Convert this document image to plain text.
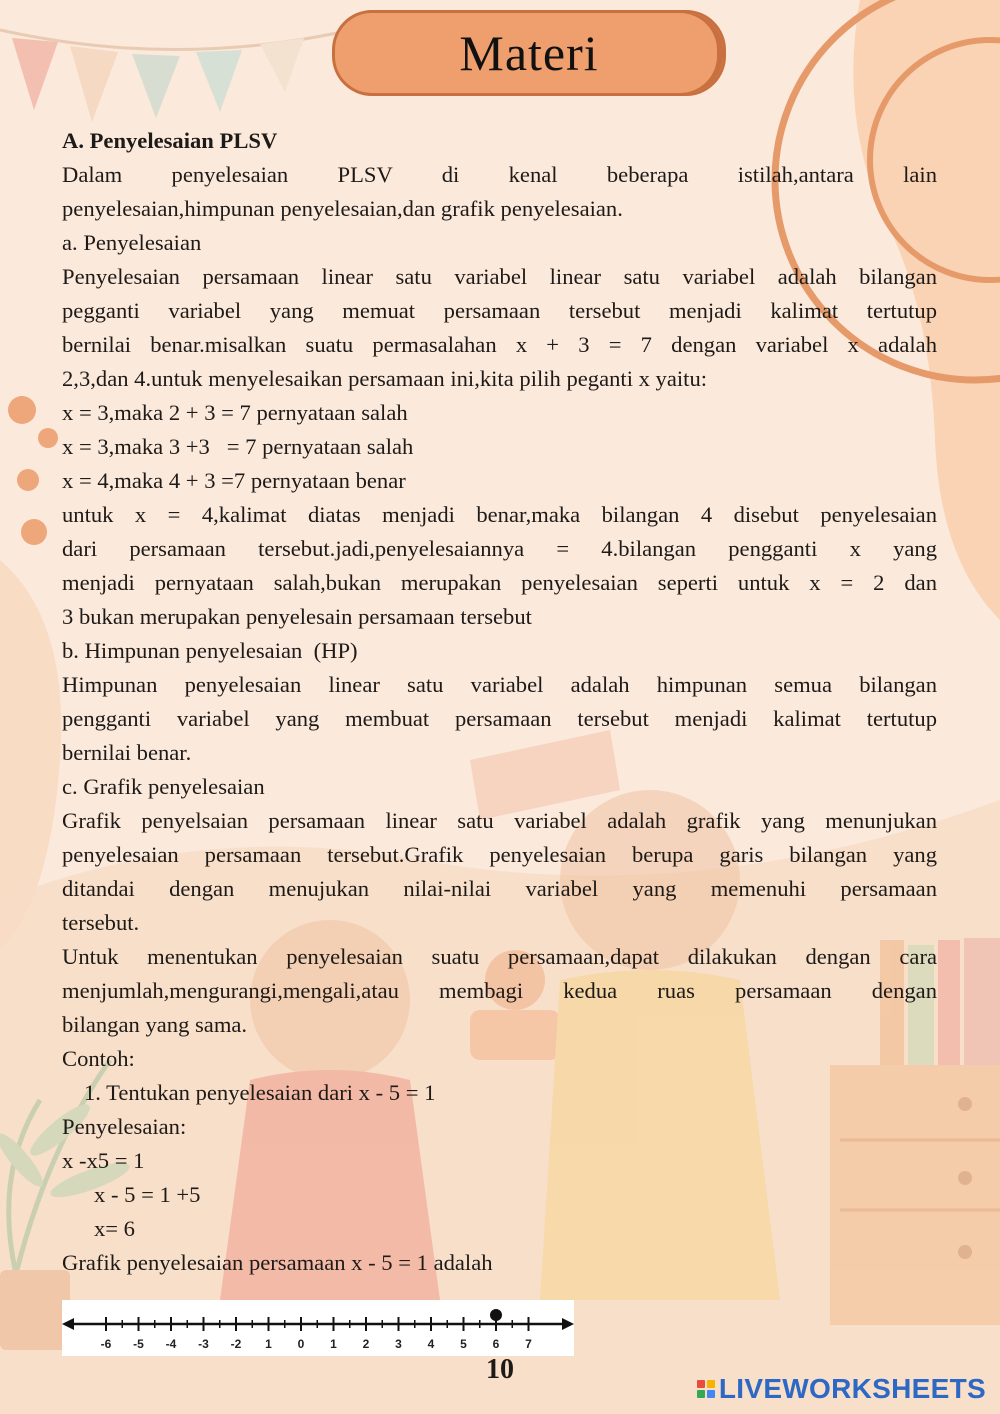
Materi

A. Penyelesaian PLSV

Dalam penyelesaian PLSV di kenal beberapa istilah,antara lain

penyelesaian,himpunan penyelesaian,dan grafik penyelesaian.

a. Penyelesaian

Penyelesaian persamaan linear satu variabel linear satu variabel adalah bilangan

pegganti variabel yang memuat persamaan tersebut menjadi kalimat tertutup

bernilai benar.misalkan suatu permasalahan x + 3 = 7 dengan variabel x adalah

2,3,dan 4.untuk menyelesaikan persamaan ini,kita pilih peganti x yaitu:

x = 3,maka 2 + 3 = 7 pernyataan salah

x = 3,maka 3 +3   = 7 pernyataan salah

x = 4,maka 4 + 3 =7 pernyataan benar

untuk x = 4,kalimat diatas menjadi benar,maka bilangan 4 disebut penyelesaian

dari persamaan tersebut.jadi,penyelesaiannya = 4.bilangan pengganti x yang

menjadi pernyataan salah,bukan merupakan penyelesaian seperti untuk x = 2 dan

3 bukan merupakan penyelesain persamaan tersebut

b. Himpunan penyelesaian  (HP)

Himpunan penyelesaian linear satu variabel adalah himpunan semua bilangan

pengganti variabel yang membuat persamaan tersebut menjadi kalimat tertutup

bernilai benar.

c. Grafik penyelesaian

Grafik penyelsaian persamaan linear satu variabel adalah grafik yang menunjukan

penyelesaian persamaan tersebut.Grafik penyelesaian berupa garis bilangan yang

ditandai dengan menujukan nilai-nilai variabel yang memenuhi persamaan

tersebut.

Untuk menentukan penyelesaian suatu persamaan,dapat dilakukan dengan cara

menjumlah,mengurangi,mengali,atau membagi kedua ruas persamaan dengan

bilangan yang sama.

Contoh:

1. Tentukan penyelesaian dari x - 5 = 1

Penyelesaian:

x -x5 = 1

x - 5 = 1 +5

x= 6

Grafik penyelesaian persamaan x - 5 = 1 adalah

-6 -5 -4 -3 -2 1 0 1 2 3 4 5 6 7
10
LIVEWORKSHEETS
